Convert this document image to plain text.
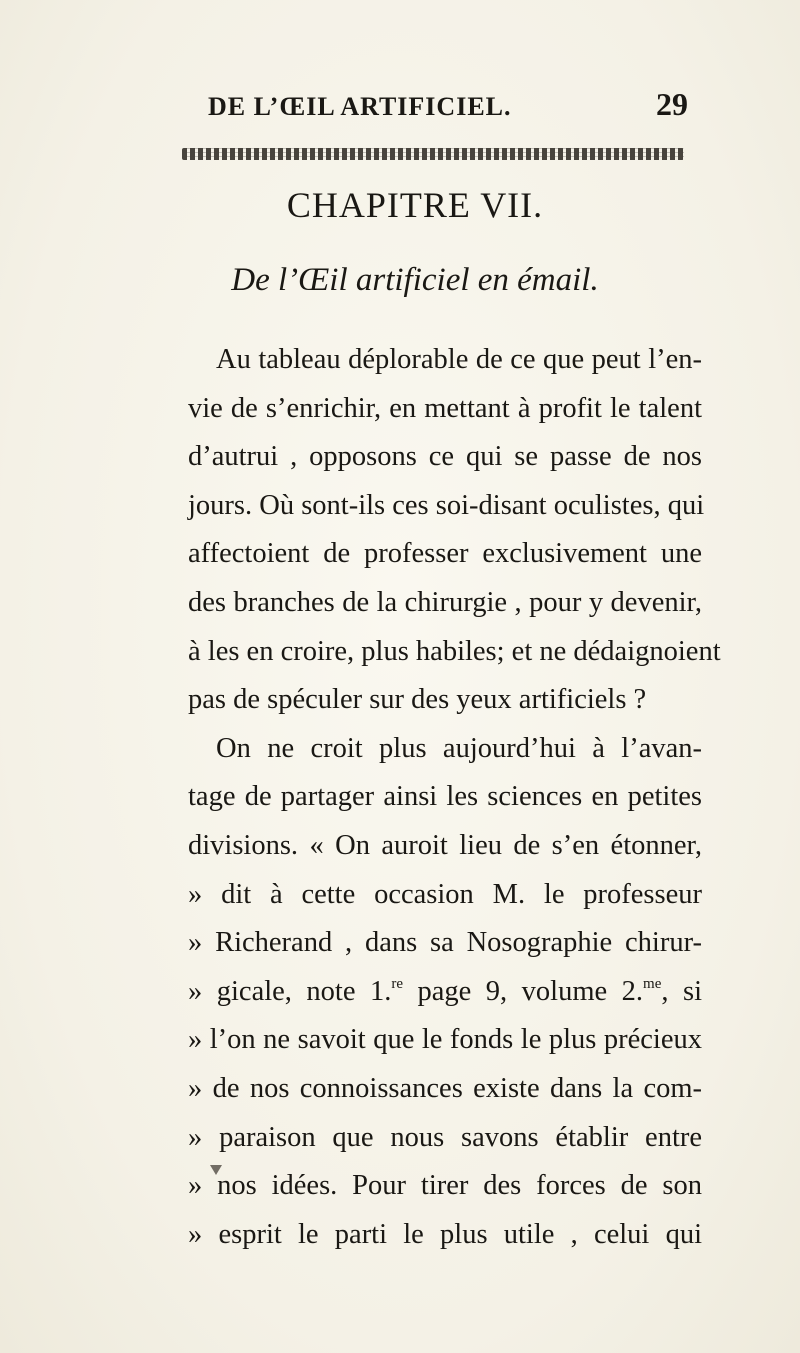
DE L’ŒIL ARTIFICIEL.	29
CHAPITRE VII.
De l’Œil artificiel en émail.
Au tableau déplorable de ce que peut l’en-
vie de s’enrichir, en mettant à profit le talent
d’autrui , opposons ce qui se passe de nos
jours. Où sont-ils ces soi-disant oculistes, qui
affectoient de professer exclusivement une
des branches de la chirurgie , pour y devenir,
à les en croire, plus habiles; et ne dédaignoient
pas de spéculer sur des yeux artificiels ?
On ne croit plus aujourd’hui à l’avan-
tage de partager ainsi les sciences en petites
divisions. « On auroit lieu de s’en étonner,
» dit à cette occasion M. le professeur
» Richerand , dans sa Nosographie chirur-
» gicale, note 1.$^{re}$ page 9, volume 2.$^{me}$, si
» l’on ne savoit que le fonds le plus précieux
» de nos connoissances existe dans la com-
» paraison que nous savons établir entre
» nos idées. Pour tirer des forces de son
» esprit le parti le plus utile , celui qui
